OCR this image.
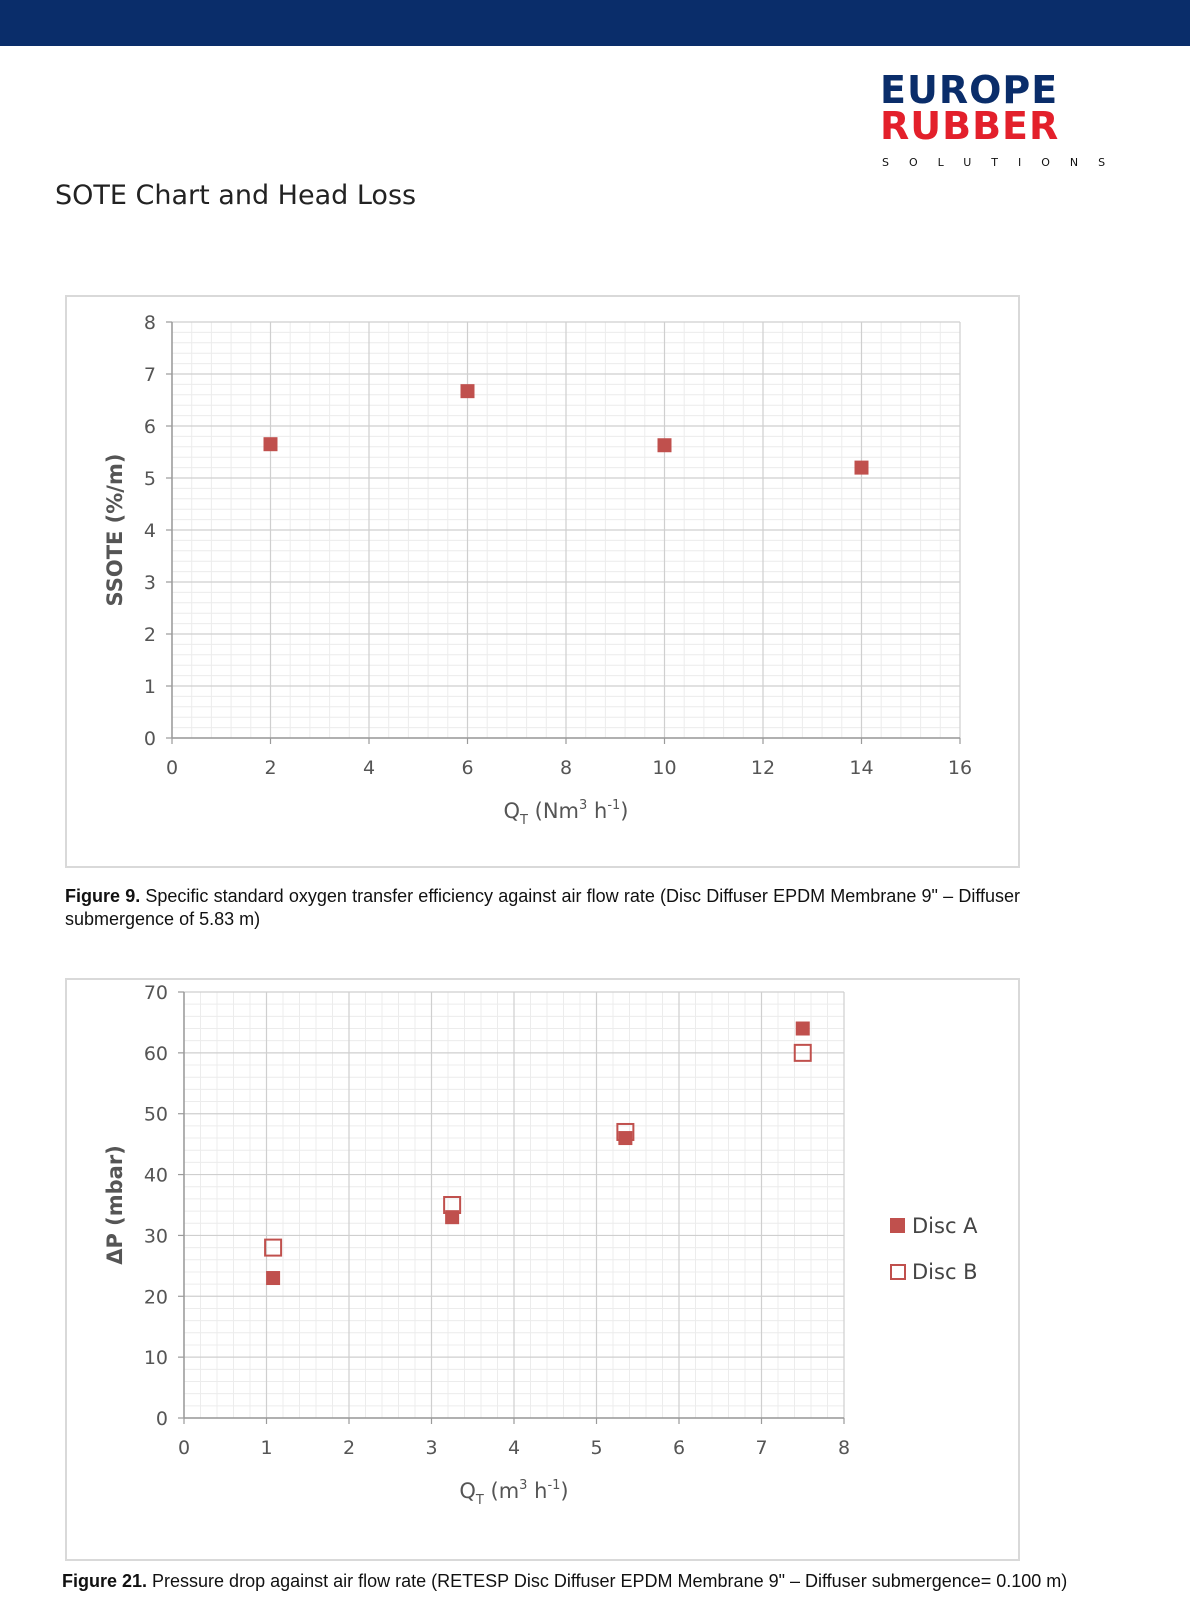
EUROPE
RUBBER
SOLUTIONS
SOTE Chart and Head Loss
0	2	4	6	8	10	12	14	16
0
1
2
3
4
5
6
7
8
SSOTE (%/m)
$Q_T$ (Nm$^3$ $h^{-1}$)
Figure 9. Specific standard oxygen transfer efficiency against air flow rate (Disc Diffuser EPDM Membrane 9" – Diffuser submergence of 5.83 m)
0	1	2	3	4	5	6	7	8
0
10
20
30
40
50
60
70
ΔP (mbar)
$Q_T$ ($m^3$ $h^{-1}$)
Disc A
Disc B
Figure 21. Pressure drop against air flow rate (RETESP Disc Diffuser EPDM Membrane 9" – Diffuser submergence= 0.100 m)
